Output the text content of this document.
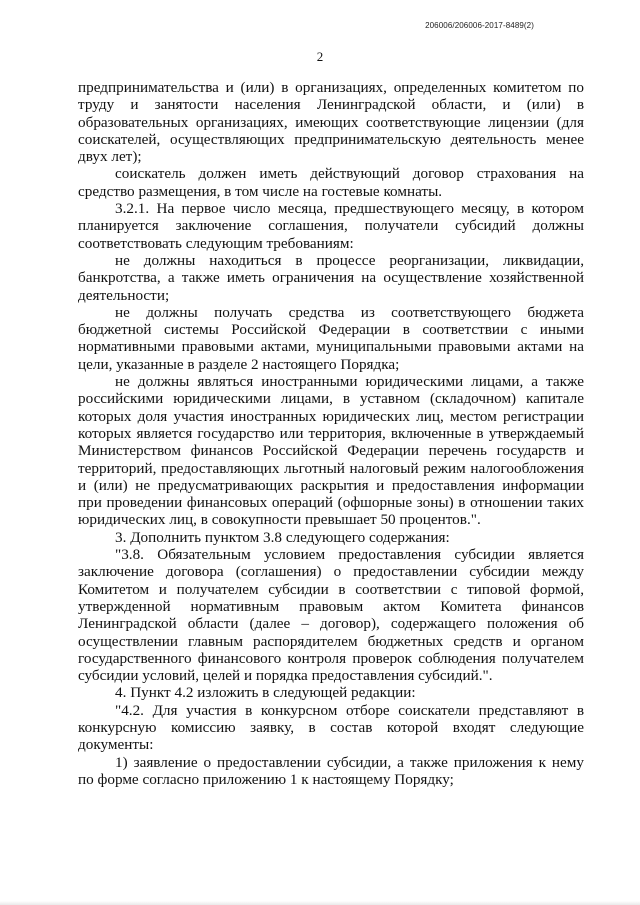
206006/206006-2017-8489(2)
2

предпринимательства и (или) в организациях, определенных комитетом по труду и занятости населения Ленинградской области, и (или) в образовательных организациях, имеющих соответствующие лицензии (для соискателей, осуществляющих предпринимательскую деятельность менее двух лет);

соискатель должен иметь действующий договор страхования на средство размещения, в том числе на гостевые комнаты.

3.2.1. На первое число месяца, предшествующего месяцу, в котором планируется заключение соглашения, получатели субсидий должны соответствовать следующим требованиям:

не должны находиться в процессе реорганизации, ликвидации, банкротства, а также иметь ограничения на осуществление хозяйственной деятельности;

не должны получать средства из соответствующего бюджета бюджетной системы Российской Федерации в соответствии с иными нормативными правовыми актами, муниципальными правовыми актами на цели, указанные в разделе 2 настоящего Порядка;

не должны являться иностранными юридическими лицами, а также российскими юридическими лицами, в уставном (складочном) капитале которых доля участия иностранных юридических лиц, местом регистрации которых является государство или территория, включенные в утверждаемый Министерством финансов Российской Федерации перечень государств и территорий, предоставляющих льготный налоговый режим налогообложения и (или) не предусматривающих раскрытия и предоставления информации при проведении финансовых операций (офшорные зоны) в отношении таких юридических лиц, в совокупности превышает 50 процентов.".

3. Дополнить пунктом 3.8 следующего содержания:

"3.8. Обязательным условием предоставления субсидии является заключение договора (соглашения) о предоставлении субсидии между Комитетом и получателем субсидии в соответствии с типовой формой, утвержденной нормативным правовым актом Комитета финансов Ленинградской области (далее – договор), содержащего положения об осуществлении главным распорядителем бюджетных средств и органом государственного финансового контроля проверок соблюдения получателем субсидии условий, целей и порядка предоставления субсидий.".

4. Пункт 4.2 изложить в следующей редакции:

"4.2. Для участия в конкурсном отборе соискатели представляют в конкурсную комиссию заявку, в состав которой входят следующие документы:

1) заявление о предоставлении субсидии, а также приложения к нему по форме согласно приложению 1 к настоящему Порядку;
